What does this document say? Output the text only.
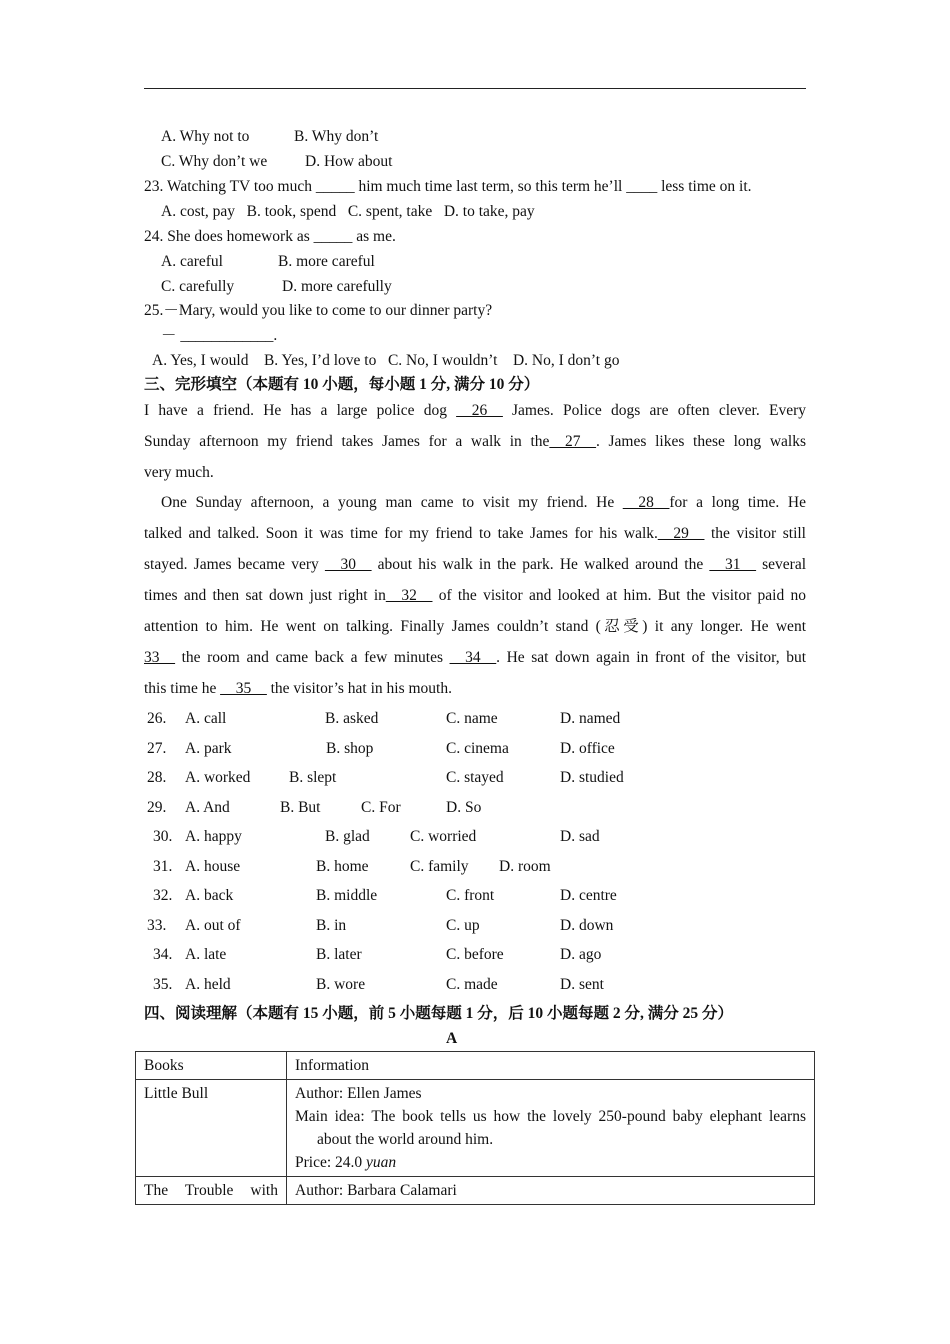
A. Why not to	B. Why don’t
C. Why don’t we D. How about
23. Watching TV too much _____ him much time last term, so this term he’ll ____ less time on it.
A. cost, pay   B. took, spend   C. spent, take   D. to take, pay
24. She does homework as _____ as me.
A. careful	B. more careful
C. carefully	D. more carefully
25.－Mary, would you like to come to our dinner party?
－ ____________.
A. Yes, I would    B. Yes, I’d love to   C. No, I wouldn’t    D. No, I don’t go
三、完形填空（本题有 10 小题，每小题 1 分, 满分 10 分）
I have a friend. He has a large police dog __26__ James. Police dogs are often clever. Every
Sunday afternoon my friend takes James for a walk in the__27__. James likes these long walks
very much.
One Sunday afternoon, a young man came to visit my friend. He __28__for a long time. He
talked and talked. Soon it was time for my friend to take James for his walk.__29__ the visitor still
stayed. James became very __30__ about his walk in the park. He walked around the __31__ several
times and then sat down just right in__32__ of the visitor and looked at him. But the visitor paid no
attention to him. He went on talking. Finally James couldn’t stand (忍受) it any longer. He went
33__ the room and came back a few minutes __34__. He sat down again in front of the visitor, but
this time he __35__ the visitor’s hat in his mouth.
26. A. call	B. asked	C. name	D. named
27. A. park	B. shop	C. cinema	D. office
28. A. worked B. slept	C. stayed	D. studied
29. A. And	B. But	C. For	D. So
30. A. happy	B. glad	C. worried	D. sad
31. A. house	B. home	C. family D. room
32. A. back	B. middle	C. front	D. centre
33. A. out of	B. in	C. up	D. down
34. A. late	B. later	C. before	D. ago
35. A. held	B. wore	C. made	D. sent
四、阅读理解（本题有 15 小题，前 5 小题每题 1 分，后 10 小题每题 2 分, 满分 25 分）
A
Books	Information
Little Bull	Author: Ellen James
Main idea: The book tells us how the lovely 250-pound baby elephant learns about the world around him.
Price: 24.0 yuan

The Trouble with	Author: Barbara Calamari
